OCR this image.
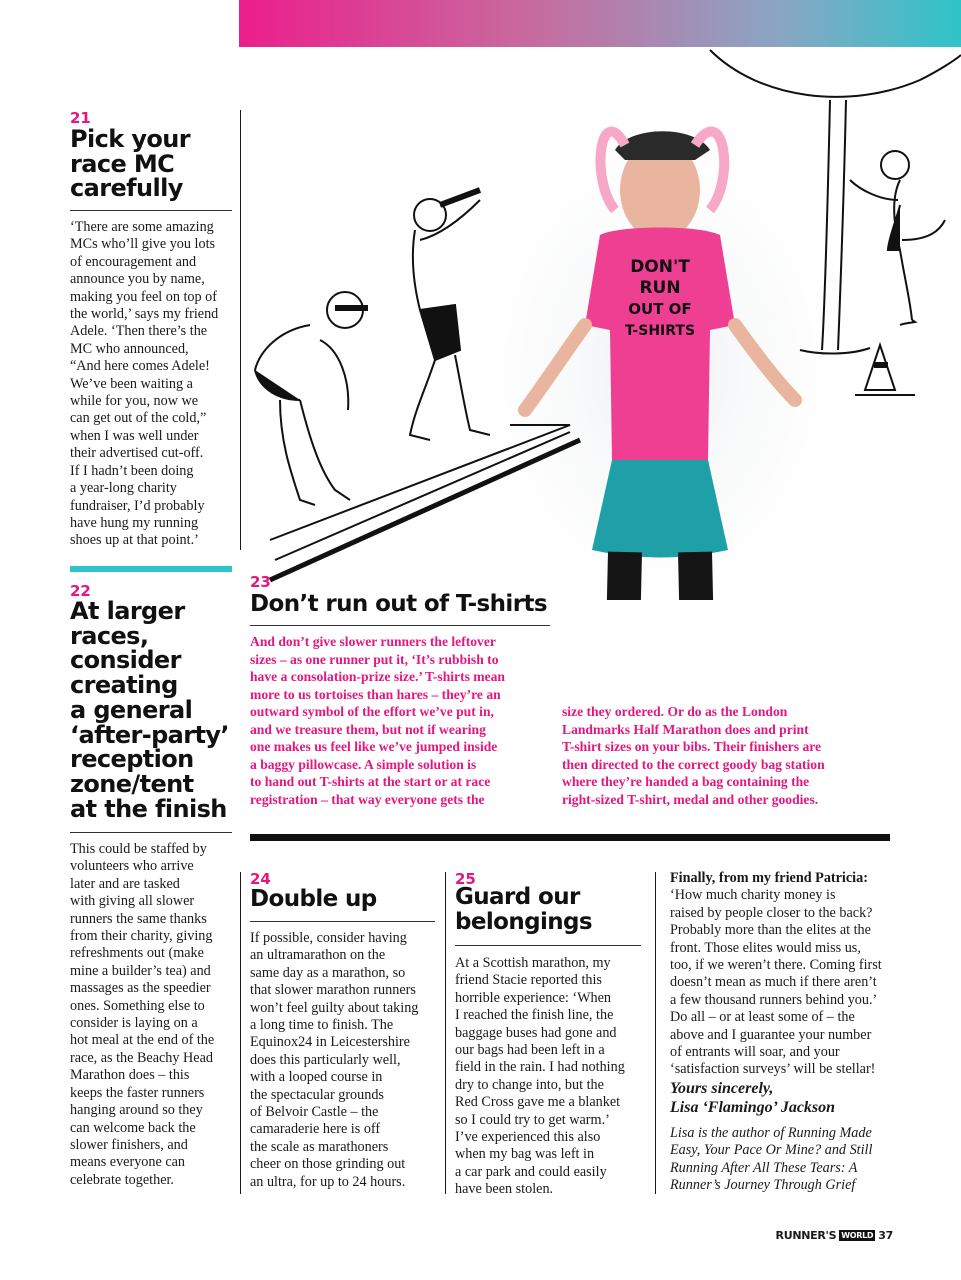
21
Pick your
race MC
carefully
‘There are some amazing
MCs who’ll give you lots
of encouragement and
announce you by name,
making you feel on top of
the world,’ says my friend
Adele. ‘Then there’s the
MC who announced,
“And here comes Adele!
We’ve been waiting a
while for you, now we
can get out of the cold,”
when I was well under
their advertised cut-off.
If I hadn’t been doing
a year-long charity
fundraiser, I’d probably
have hung my running
shoes up at that point.’
22
At larger
races,
consider
creating
a general
‘after-party’
reception
zone/tent
at the finish
This could be staffed by
volunteers who arrive
later and are tasked
with giving all slower
runners the same thanks
from their charity, giving
refreshments out (make
mine a builder’s tea) and
massages as the speedier
ones. Something else to
consider is laying on a
hot meal at the end of the
race, as the Beachy Head
Marathon does – this
keeps the faster runners
hanging around so they
can welcome back the
slower finishers, and
means everyone can
celebrate together.
DON'T
RUN
OUT OF
T-SHIRTS
23
Don’t run out of T-shirts
And don’t give slower runners the leftover
sizes – as one runner put it, ‘It’s rubbish to
have a consolation-prize size.’ T-shirts mean
more to us tortoises than hares – they’re an
outward symbol of the effort we’ve put in,
and we treasure them, but not if wearing
one makes us feel like we’ve jumped inside
a baggy pillowcase. A simple solution is
to hand out T-shirts at the start or at race
registration – that way everyone gets the
size they ordered. Or do as the London
Landmarks Half Marathon does and print
T-shirt sizes on your bibs. Their finishers are
then directed to the correct goody bag station
where they’re handed a bag containing the
right-sized T-shirt, medal and other goodies.
24
Double up
If possible, consider having
an ultramarathon on the
same day as a marathon, so
that slower marathon runners
won’t feel guilty about taking
a long time to finish. The
Equinox24 in Leicestershire
does this particularly well,
with a looped course in
the spectacular grounds
of Belvoir Castle – the
camaraderie here is off
the scale as marathoners
cheer on those grinding out
an ultra, for up to 24 hours.
25
Guard our
belongings
At a Scottish marathon, my
friend Stacie reported this
horrible experience: ‘When
I reached the finish line, the
baggage buses had gone and
our bags had been left in a
field in the rain. I had nothing
dry to change into, but the
Red Cross gave me a blanket
so I could try to get warm.’
I’ve experienced this also
when my bag was left in
a car park and could easily
have been stolen.
Finally, from my friend Patricia:
‘How much charity money is
raised by people closer to the back?
Probably more than the elites at the
front. Those elites would miss us,
too, if we weren’t there. Coming first
doesn’t mean as much if there aren’t
a few thousand runners behind you.’
Do all – or at least some of – the
above and I guarantee your number
of entrants will soar, and your
‘satisfaction surveys’ will be stellar!
Yours sincerely,
Lisa ‘Flamingo’ Jackson
Lisa is the author of Running Made
Easy, Your Pace Or Mine? and Still
Running After All These Tears: A
Runner’s Journey Through Grief
RUNNER'S WORLD 37
